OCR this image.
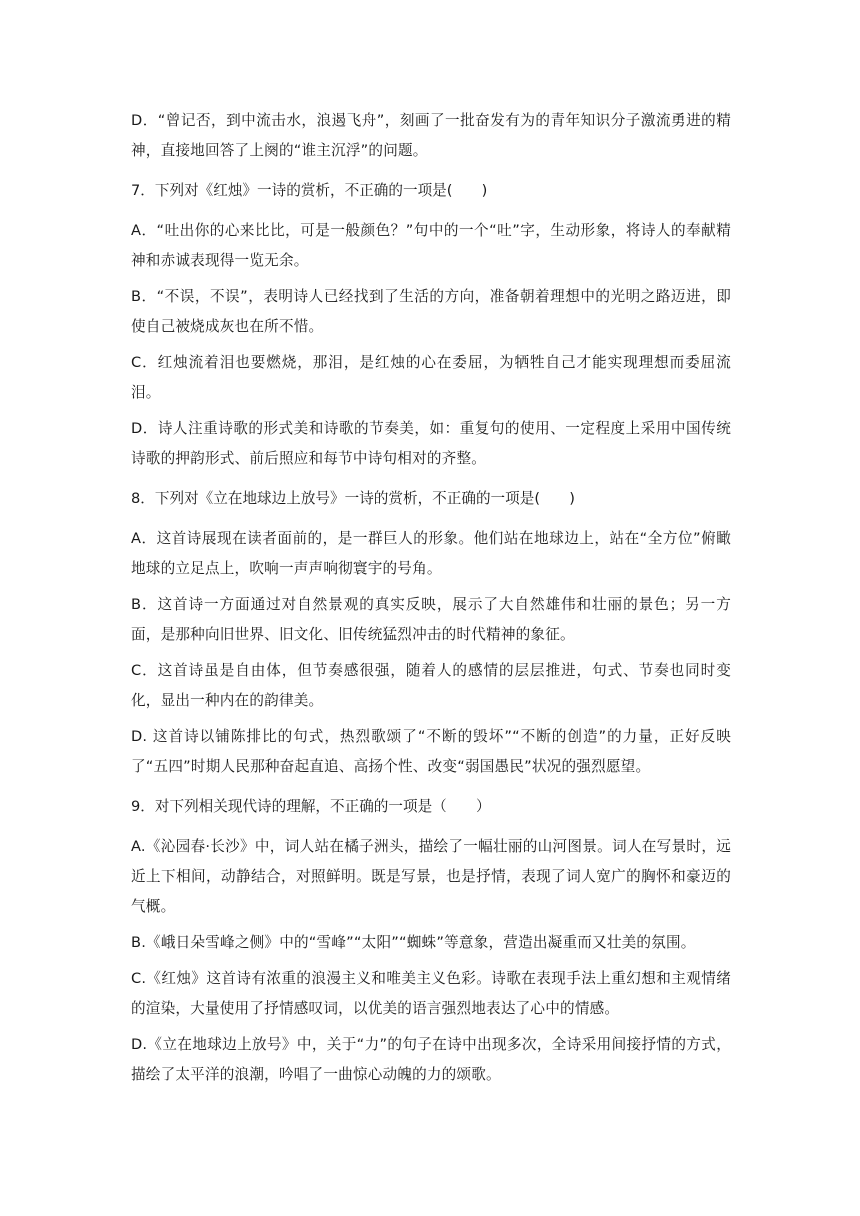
D．“曾记否，到中流击水，浪遏飞舟”，刻画了一批奋发有为的青年知识分子激流勇进的精神，直接地回答了上阕的“谁主沉浮”的问题。

7．下列对《红烛》一诗的赏析，不正确的一项是(　　)

A．“吐出你的心来比比，可是一般颜色？”句中的一个“吐”字，生动形象，将诗人的奉献精神和赤诚表现得一览无余。

B．“不误，不误”，表明诗人已经找到了生活的方向，准备朝着理想中的光明之路迈进，即使自己被烧成灰也在所不惜。

C．红烛流着泪也要燃烧，那泪，是红烛的心在委屈，为牺牲自己才能实现理想而委屈流泪。

D．诗人注重诗歌的形式美和诗歌的节奏美，如：重复句的使用、一定程度上采用中国传统诗歌的押韵形式、前后照应和每节中诗句相对的齐整。

8．下列对《立在地球边上放号》一诗的赏析，不正确的一项是(　　)

A．这首诗展现在读者面前的，是一群巨人的形象。他们站在地球边上，站在“全方位”俯瞰地球的立足点上，吹响一声声响彻寰宇的号角。

B．这首诗一方面通过对自然景观的真实反映，展示了大自然雄伟和壮丽的景色；另一方面，是那种向旧世界、旧文化、旧传统猛烈冲击的时代精神的象征。

C．这首诗虽是自由体，但节奏感很强，随着人的感情的层层推进，句式、节奏也同时变化，显出一种内在的韵律美。

D. 这首诗以铺陈排比的句式，热烈歌颂了“不断的毁坏”“不断的创造”的力量，正好反映了“五四”时期人民那种奋起直追、高扬个性、改变“弱国愚民”状况的强烈愿望。

9．对下列相关现代诗的理解，不正确的一项是（　　）

A.《沁园春·长沙》中，词人站在橘子洲头，描绘了一幅壮丽的山河图景。词人在写景时，远近上下相间，动静结合，对照鲜明。既是写景，也是抒情，表现了词人宽广的胸怀和豪迈的气概。

B.《峨日朵雪峰之侧》中的“雪峰”“太阳”“蜘蛛”等意象，营造出凝重而又壮美的氛围。

C.《红烛》这首诗有浓重的浪漫主义和唯美主义色彩。诗歌在表现手法上重幻想和主观情绪的渲染，大量使用了抒情感叹词，以优美的语言强烈地表达了心中的情感。

D.《立在地球边上放号》中，关于“力”的句子在诗中出现多次，全诗采用间接抒情的方式，描绘了太平洋的浪潮，吟唱了一曲惊心动魄的力的颂歌。
